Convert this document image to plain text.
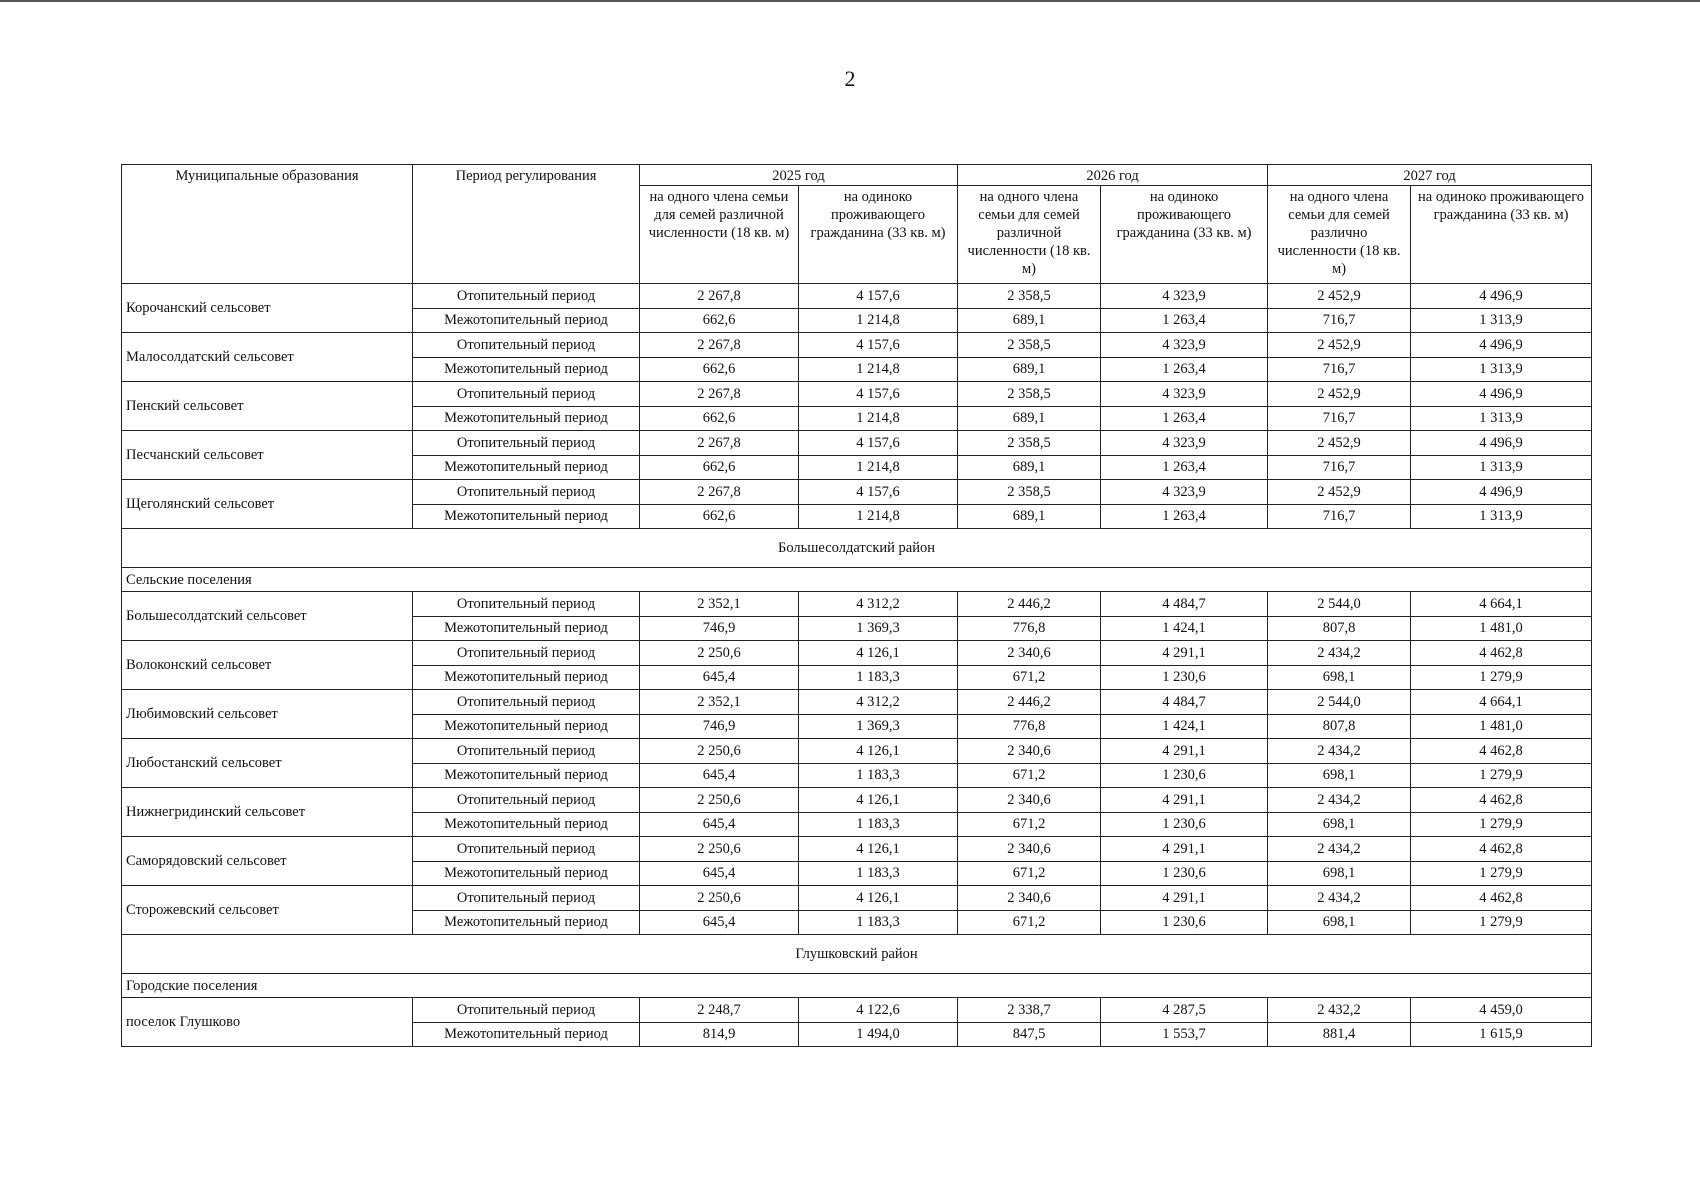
2
Муниципальные образования	Период регулирования	2025 год		2026 год		2027 год	
		на одного члена семьи для семей различной численности (18 кв. м)	на одиноко проживающего гражданина (33 кв. м)	на одного члена семьи для семей различной численности (18 кв. м)	на одиноко проживающего гражданина (33 кв. м)	на одного члена семьи для семей различно численности (18 кв. м)	на одиноко проживающего гражданина (33 кв. м)
Корочанский сельсовет	Отопительный период	2 267,8	4 157,6	2 358,5	4 323,9	2 452,9	4 496,9
	Межотопительный период	662,6	1 214,8	689,1	1 263,4	716,7	1 313,9
Малосолдатский сельсовет	Отопительный период	2 267,8	4 157,6	2 358,5	4 323,9	2 452,9	4 496,9
	Межотопительный период	662,6	1 214,8	689,1	1 263,4	716,7	1 313,9
Пенский сельсовет	Отопительный период	2 267,8	4 157,6	2 358,5	4 323,9	2 452,9	4 496,9
	Межотопительный период	662,6	1 214,8	689,1	1 263,4	716,7	1 313,9
Песчанский сельсовет	Отопительный период	2 267,8	4 157,6	2 358,5	4 323,9	2 452,9	4 496,9
	Межотопительный период	662,6	1 214,8	689,1	1 263,4	716,7	1 313,9
Щеголянский сельсовет	Отопительный период	2 267,8	4 157,6	2 358,5	4 323,9	2 452,9	4 496,9
	Межотопительный период	662,6	1 214,8	689,1	1 263,4	716,7	1 313,9
Большесолдатский район							
Сельские поселения							
Большесолдатский сельсовет	Отопительный период	2 352,1	4 312,2	2 446,2	4 484,7	2 544,0	4 664,1
	Межотопительный период	746,9	1 369,3	776,8	1 424,1	807,8	1 481,0
Волоконский сельсовет	Отопительный период	2 250,6	4 126,1	2 340,6	4 291,1	2 434,2	4 462,8
	Межотопительный период	645,4	1 183,3	671,2	1 230,6	698,1	1 279,9
Любимовский сельсовет	Отопительный период	2 352,1	4 312,2	2 446,2	4 484,7	2 544,0	4 664,1
	Межотопительный период	746,9	1 369,3	776,8	1 424,1	807,8	1 481,0
Любостанский сельсовет	Отопительный период	2 250,6	4 126,1	2 340,6	4 291,1	2 434,2	4 462,8
	Межотопительный период	645,4	1 183,3	671,2	1 230,6	698,1	1 279,9
Нижнегридинский сельсовет	Отопительный период	2 250,6	4 126,1	2 340,6	4 291,1	2 434,2	4 462,8
	Межотопительный период	645,4	1 183,3	671,2	1 230,6	698,1	1 279,9
Саморядовский сельсовет	Отопительный период	2 250,6	4 126,1	2 340,6	4 291,1	2 434,2	4 462,8
	Межотопительный период	645,4	1 183,3	671,2	1 230,6	698,1	1 279,9
Сторожевский сельсовет	Отопительный период	2 250,6	4 126,1	2 340,6	4 291,1	2 434,2	4 462,8
	Межотопительный период	645,4	1 183,3	671,2	1 230,6	698,1	1 279,9
Глушковский район							
Городские поселения							
поселок Глушково	Отопительный период	2 248,7	4 122,6	2 338,7	4 287,5	2 432,2	4 459,0
	Межотопительный период	814,9	1 494,0	847,5	1 553,7	881,4	1 615,9
